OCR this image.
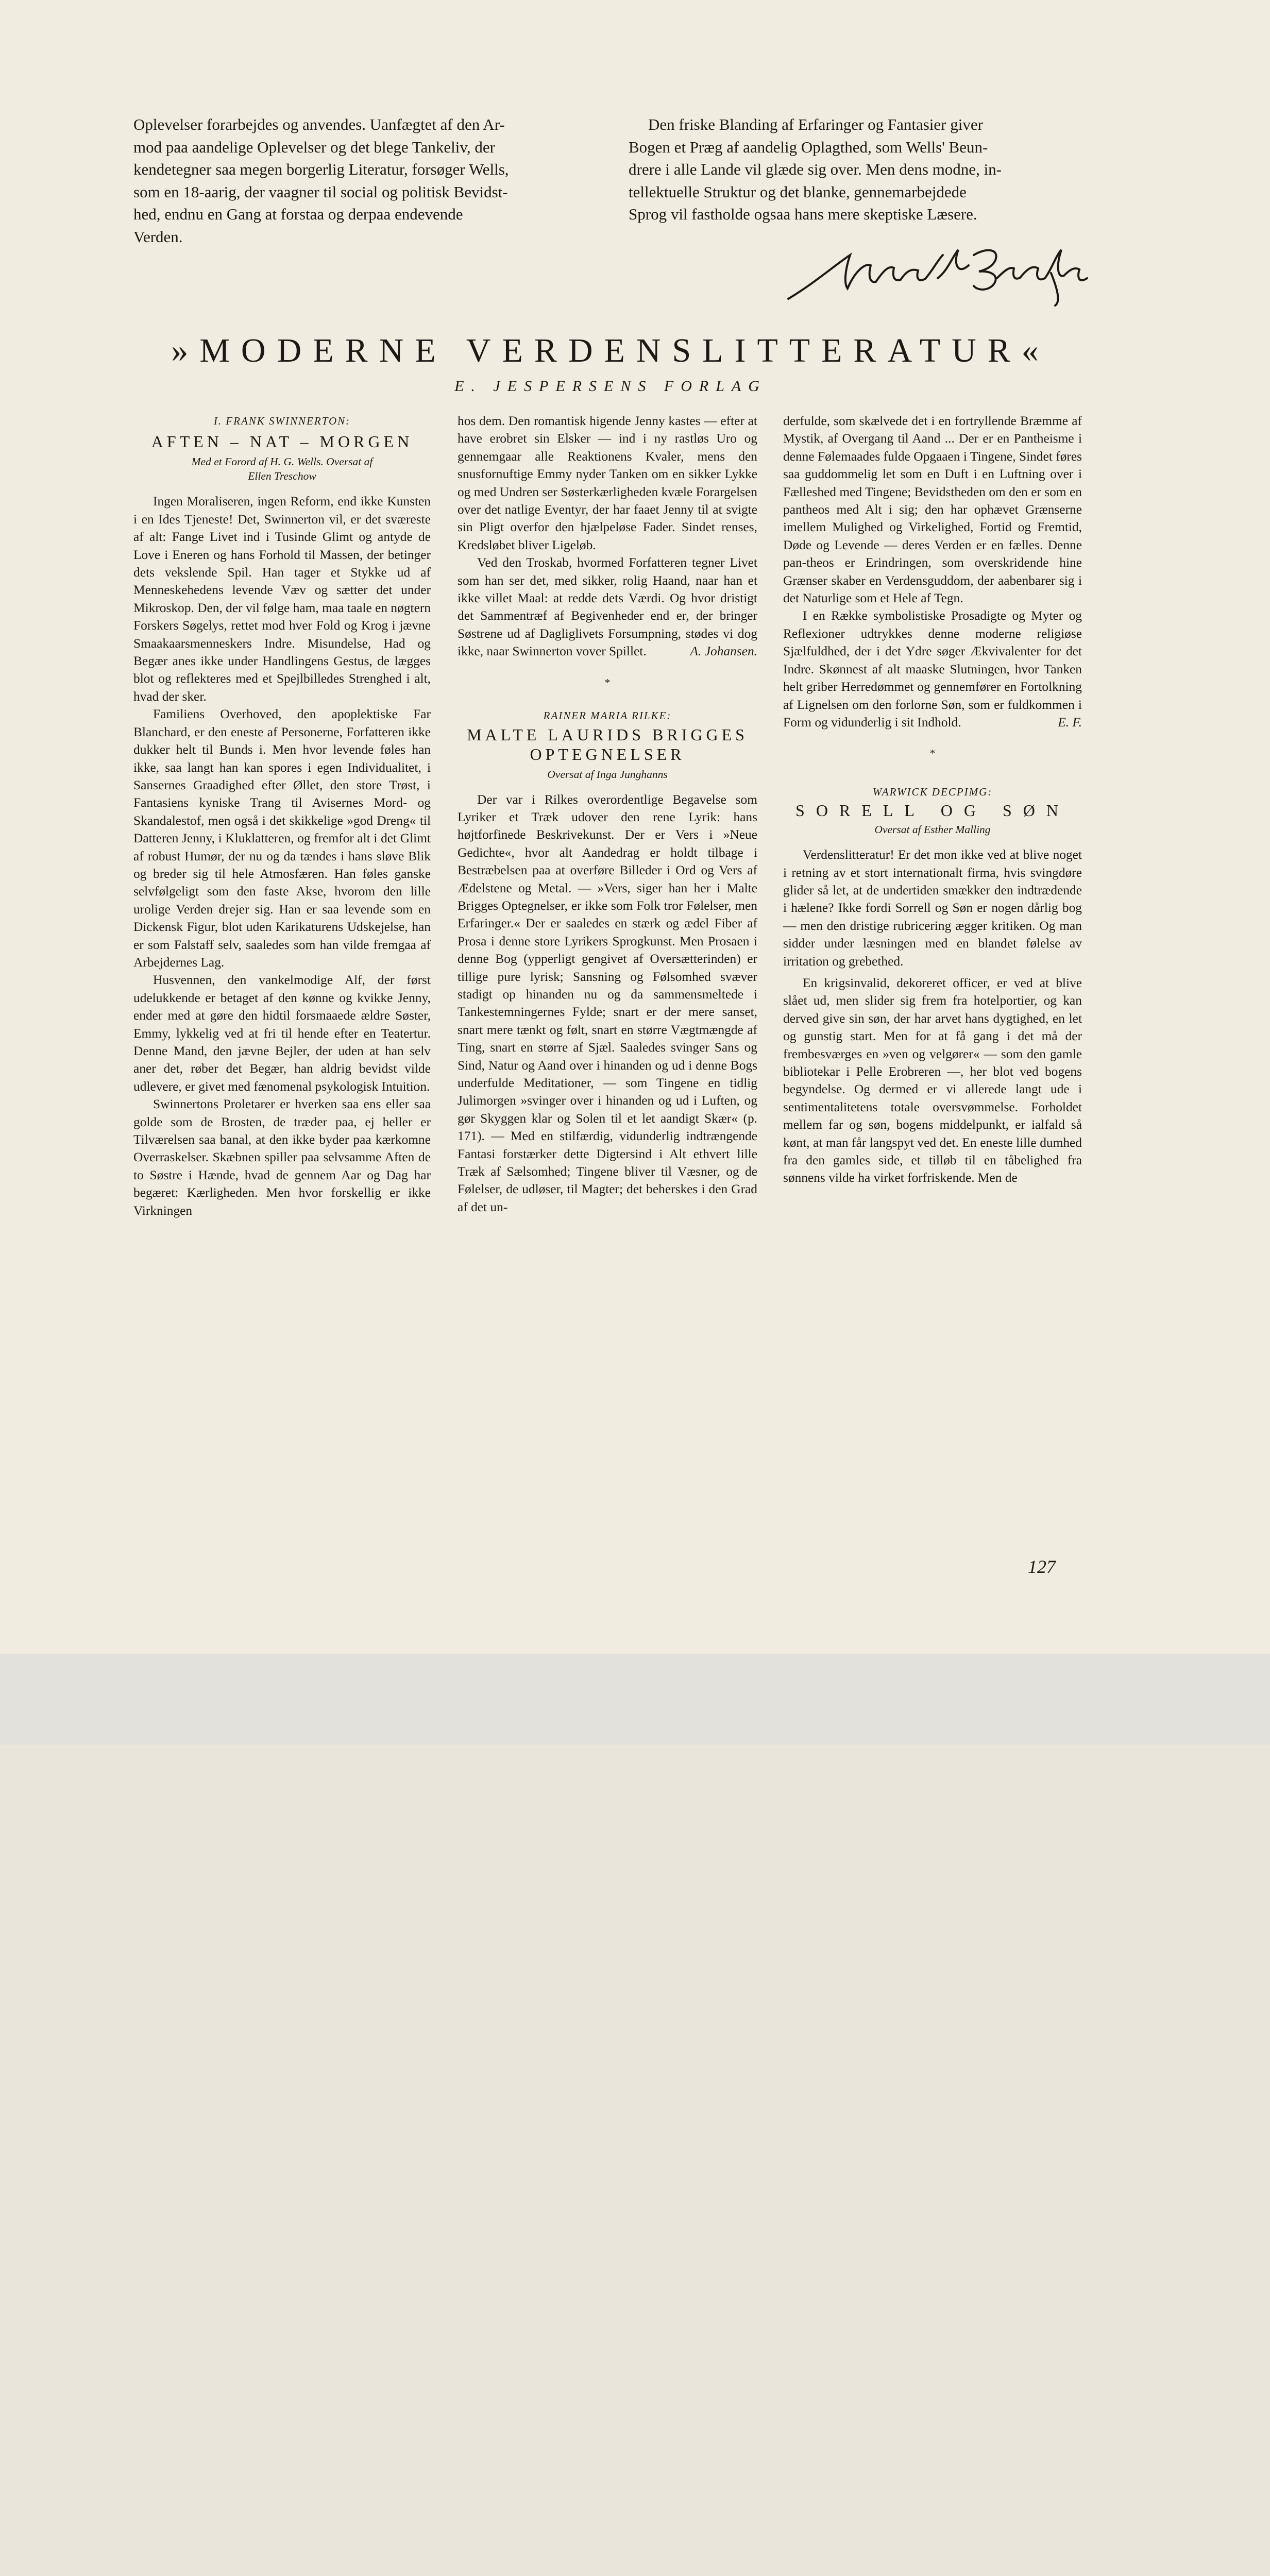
Oplevelser forarbejdes og anvendes. Uanfægtet af den Ar-

mod paa aandelige Oplevelser og det blege Tankeliv, der

kendetegner saa megen borgerlig Literatur, forsøger Wells,

som en 18-aarig, der vaagner til social og politisk Bevidst-

hed, endnu en Gang at forstaa og derpaa endevende

Verden.

Den friske Blanding af Erfaringer og Fantasier giver

Bogen et Præg af aandelig Oplagthed, som Wells' Beun-

drere i alle Lande vil glæde sig over. Men dens modne, in-

tellektuelle Struktur og det blanke, gennemarbejdede

Sprog vil fastholde ogsaa hans mere skeptiske Læsere.

»MODERNE VERDENSLITTERATUR«
E. JESPERSENS FORLAG
I. FRANK SWINNERTON:
AFTEN – NAT – MORGEN
Med et Forord af H. G. Wells. Oversat af
Ellen Treschow

Ingen Moraliseren, ingen Reform, end ikke Kunsten i en Ides Tjeneste! Det, Swinnerton vil, er det sværeste af alt: Fange Livet ind i Tusinde Glimt og antyde de Love i Eneren og hans Forhold til Massen, der betinger dets vekslende Spil. Han tager et Stykke ud af Menneskehedens levende Væv og sætter det under Mikroskop. Den, der vil følge ham, maa taale en nøgtern Forskers Søgelys, rettet mod hver Fold og Krog i jævne Smaakaarsmenneskers Indre. Misundelse, Had og Begær anes ikke under Handlingens Gestus, de lægges blot og reflekteres med et Spejlbilledes Strenghed i alt, hvad der sker.

Familiens Overhoved, den apoplektiske Far Blanchard, er den eneste af Personerne, Forfatteren ikke dukker helt til Bunds i. Men hvor levende føles han ikke, saa langt han kan spores i egen Individualitet, i Sansernes Graadighed efter Øllet, den store Trøst, i Fantasiens kyniske Trang til Avisernes Mord- og Skandalestof, men også i det skikkelige »god Dreng« til Datteren Jenny, i Kluklatteren, og fremfor alt i det Glimt af robust Humør, der nu og da tændes i hans sløve Blik og breder sig til hele Atmosfæren. Han føles ganske selvfølgeligt som den faste Akse, hvorom den lille urolige Verden drejer sig. Han er saa levende som en Dickensk Figur, blot uden Karikaturens Udskejelse, han er som Falstaff selv, saaledes som han vilde fremgaa af Arbejdernes Lag.

Husvennen, den vankelmodige Alf, der først udelukkende er betaget af den kønne og kvikke Jenny, ender med at gøre den hidtil forsmaaede ældre Søster, Emmy, lykkelig ved at fri til hende efter en Teatertur. Denne Mand, den jævne Bejler, der uden at han selv aner det, røber det Begær, han aldrig bevidst vilde udlevere, er givet med fænomenal psykologisk Intuition.

Swinnertons Proletarer er hverken saa ens eller saa golde som de Brosten, de træder paa, ej heller er Tilværelsen saa banal, at den ikke byder paa kærkomne Overraskelser. Skæbnen spiller paa selvsamme Aften de to Søstre i Hænde, hvad de gennem Aar og Dag har begæret: Kærligheden. Men hvor forskellig er ikke Virkningen

hos dem. Den romantisk higende Jenny kastes — efter at have erobret sin Elsker — ind i ny rastløs Uro og gennemgaar alle Reaktionens Kvaler, mens den snusfornuftige Emmy nyder Tanken om en sikker Lykke og med Undren ser Søsterkærligheden kvæle Forargelsen over det natlige Eventyr, der har faaet Jenny til at svigte sin Pligt overfor den hjælpeløse Fader. Sindet renses, Kredsløbet bliver Ligeløb.

Ved den Troskab, hvormed Forfatteren tegner Livet som han ser det, med sikker, rolig Haand, naar han et ikke villet Maal: at redde dets Værdi. Og hvor dristigt det Sammentræf af Begivenheder end er, der bringer Søstrene ud af Dagliglivets Forsumpning, stødes vi dog ikke, naar Swinnerton vover Spillet.	A. Johansen.

*
RAINER MARIA RILKE:
MALTE LAURIDS BRIGGES
OPTEGNELSER
Oversat af Inga Junghanns

Der var i Rilkes overordentlige Begavelse som Lyriker et Træk udover den rene Lyrik: hans højtforfinede Beskrivekunst. Der er Vers i »Neue Gedichte«, hvor alt Aandedrag er holdt tilbage i Bestræbelsen paa at overføre Billeder i Ord og Vers af Ædelstene og Metal. — »Vers, siger han her i Malte Brigges Optegnelser, er ikke som Folk tror Følelser, men Erfaringer.« Der er saaledes en stærk og ædel Fiber af Prosa i denne store Lyrikers Sprogkunst. Men Prosaen i denne Bog (ypperligt gengivet af Oversætterinden) er tillige pure lyrisk; Sansning og Følsomhed svæver stadigt op hinanden nu og da sammensmeltede i Tankestemningernes Fylde; snart er der mere sanset, snart mere tænkt og følt, snart en større Vægtmængde af Ting, snart en større af Sjæl. Saaledes svinger Sans og Sind, Natur og Aand over i hinanden og ud i denne Bogs underfulde Meditationer, — som Tingene en tidlig Julimorgen »svinger over i hinanden og ud i Luften, og gør Skyggen klar og Solen til et let aandigt Skær« (p. 171). — Med en stilfærdig, vidunderlig indtrængende Fantasi forstærker dette Digtersind i Alt ethvert lille Træk af Sælsomhed; Tingene bliver til Væsner, og de Følelser, de udløser, til Magter; det beherskes i den Grad af det un-

derfulde, som skælvede det i en fortryllende Bræmme af Mystik, af Overgang til Aand ... Der er en Pantheisme i denne Følemaades fulde Opgaaen i Tingene, Sindet føres saa guddommelig let som en Duft i en Luftning over i Fælleshed med Tingene; Bevidstheden om den er som en pantheos med Alt i sig; den har ophævet Grænserne imellem Mulighed og Virkelighed, Fortid og Fremtid, Døde og Levende — deres Verden er en fælles. Denne pan-theos er Erindringen, som overskridende hine Grænser skaber en Verdensguddom, der aabenbarer sig i det Naturlige som et Hele af Tegn.

I en Række symbolistiske Prosadigte og Myter og Reflexioner udtrykkes denne moderne religiøse Sjælfuldhed, der i det Ydre søger Ækvivalenter for det Indre. Skønnest af alt maaske Slutningen, hvor Tanken helt griber Herredømmet og gennemfører en Fortolkning af Lignelsen om den forlorne Søn, som er fuldkommen i Form og vidunderlig i sit Indhold.	E. F.

*
WARWICK DECPIMG:
SORELL OG SØN
Oversat af Esther Malling

Verdenslitteratur! Er det mon ikke ved at blive noget i retning av et stort internationalt firma, hvis svingdøre glider så let, at de undertiden smækker den indtrædende i hælene? Ikke fordi Sorrell og Søn er nogen dårlig bog — men den dristige rubricering ægger kritiken. Og man sidder under læsningen med en blandet følelse av irritation og grebethed.

En krigsinvalid, dekoreret officer, er ved at blive slået ud, men slider sig frem fra hotelportier, og kan derved give sin søn, der har arvet hans dygtighed, en let og gunstig start. Men for at få gang i det må der frembesværges en »ven og velgører« — som den gamle bibliotekar i Pelle Erobreren —, her blot ved bogens begyndelse. Og dermed er vi allerede langt ude i sentimentalitetens totale oversvømmelse. Forholdet mellem far og søn, bogens middelpunkt, er ialfald så kønt, at man får langspyt ved det. En eneste lille dumhed fra den gamles side, et tilløb til en tåbelighed fra sønnens vilde ha virket forfriskende. Men de

127
